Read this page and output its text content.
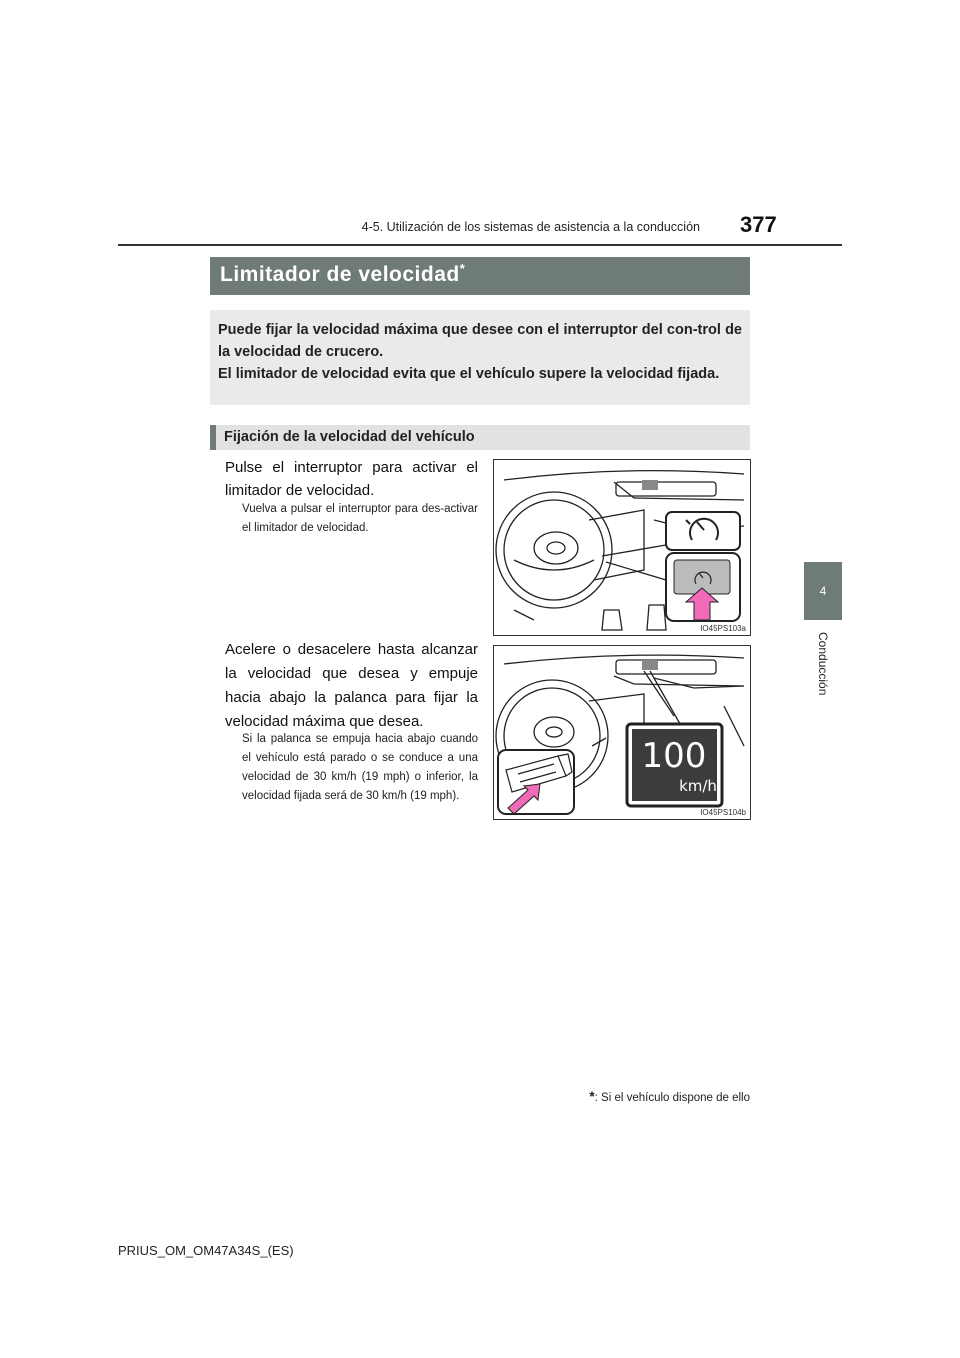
4-5. Utilización de los sistemas de asistencia a la conducción 377
4
Conducción
Limitador de velocidad*

Puede fijar la velocidad máxima que desee con el interruptor del con-trol de la velocidad de crucero.

El limitador de velocidad evita que el vehículo supere la velocidad fijada.

Fijación de la velocidad del vehículo
Pulse el interruptor para activar el limitador de velocidad.
Vuelva a pulsar el interruptor para des-activar el limitador de velocidad.
IO45PS103a
Acelere o desacelere hasta alcanzar la velocidad que desea y empuje hacia abajo la palanca para fijar la velocidad máxima que desea.
Si la palanca se empuja hacia abajo cuando el vehículo está parado o se conduce a una velocidad de 30 km/h (19 mph) o inferior, la velocidad fijada será de 30 km/h (19 mph).
100
km/h
IO45PS104b
*: Si el vehículo dispone de ello
PRIUS_OM_OM47A34S_(ES)
